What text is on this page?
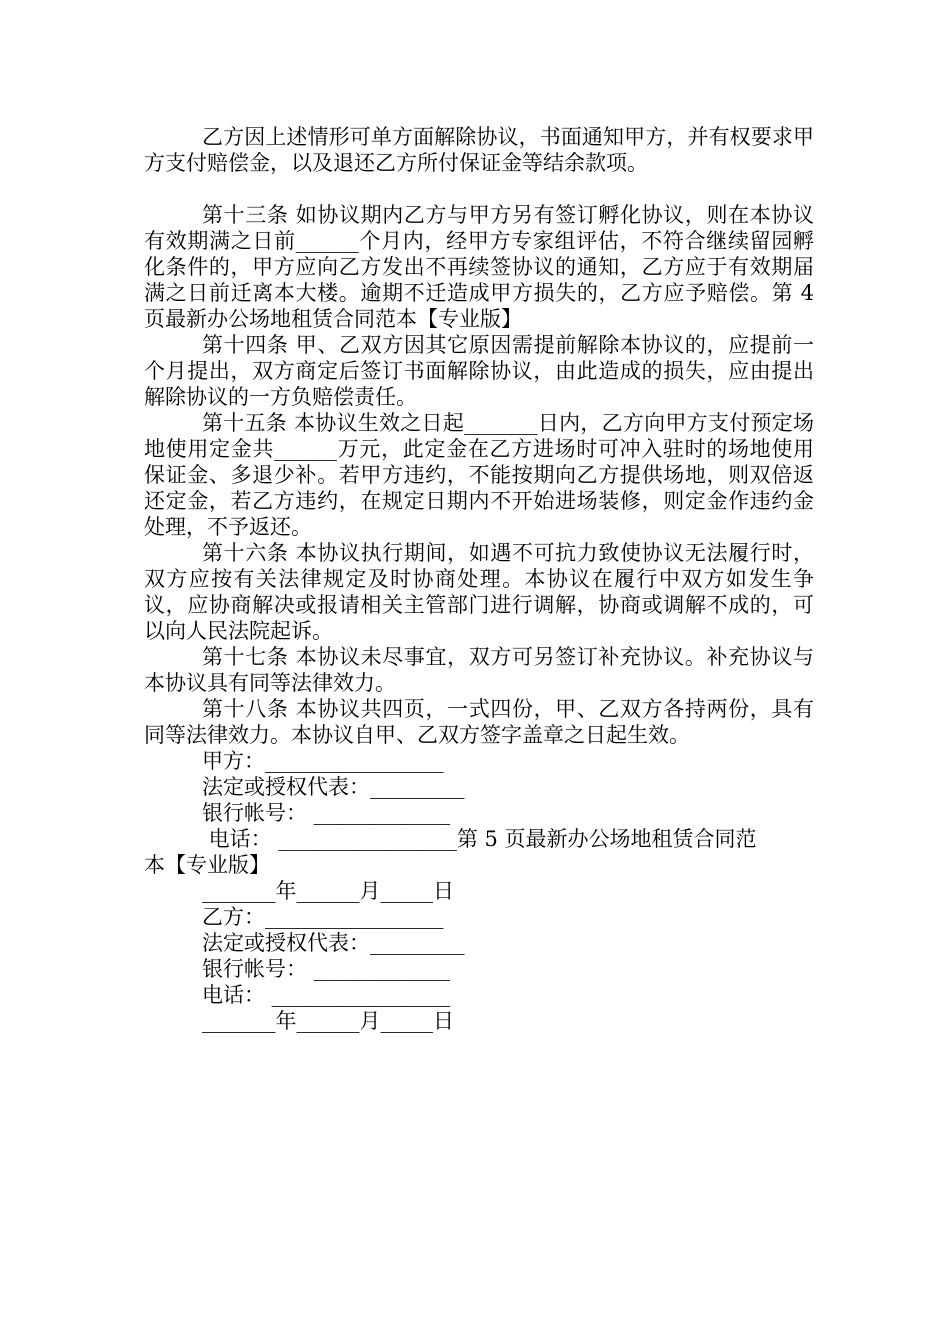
乙方因上述情形可单方面解除协议，书面通知甲方，并有权要求甲方支付赔偿金，以及退还乙方所付保证金等结余款项。

第十三条 如协议期内乙方与甲方另有签订孵化协议，则在本协议有效期满之日前______个月内，经甲方专家组评估，不符合继续留园孵化条件的，甲方应向乙方发出不再续签协议的通知，乙方应于有效期届满之日前迁离本大楼。逾期不迁造成甲方损失的，乙方应予赔偿。第 4 页最新办公场地租赁合同范本【专业版】

第十四条 甲、乙双方因其它原因需提前解除本协议的，应提前一个月提出，双方商定后签订书面解除协议，由此造成的损失，应由提出解除协议的一方负赔偿责任。

第十五条 本协议生效之日起_______日内，乙方向甲方支付预定场地使用定金共______万元，此定金在乙方进场时可冲入驻时的场地使用保证金、多退少补。若甲方违约，不能按期向乙方提供场地，则双倍返还定金，若乙方违约，在规定日期内不开始进场装修，则定金作违约金处理，不予返还。

第十六条 本协议执行期间，如遇不可抗力致使协议无法履行时，双方应按有关法律规定及时协商处理。本协议在履行中双方如发生争议，应协商解决或报请相关主管部门进行调解，协商或调解不成的，可以向人民法院起诉。

第十七条 本协议未尽事宜，双方可另签订补充协议。补充协议与本协议具有同等法律效力。

第十八条 本协议共四页，一式四份，甲、乙双方各持两份，具有同等法律效力。本协议自甲、乙双方签字盖章之日起生效。

甲方：_________________

法定或授权代表：_________

银行帐号： _____________

电话： _________________第 5 页最新办公场地租赁合同范

本【专业版】

_______年______月_____日

乙方：_________________

法定或授权代表：_________

银行帐号： _____________

电话： _________________

_______年______月_____日
